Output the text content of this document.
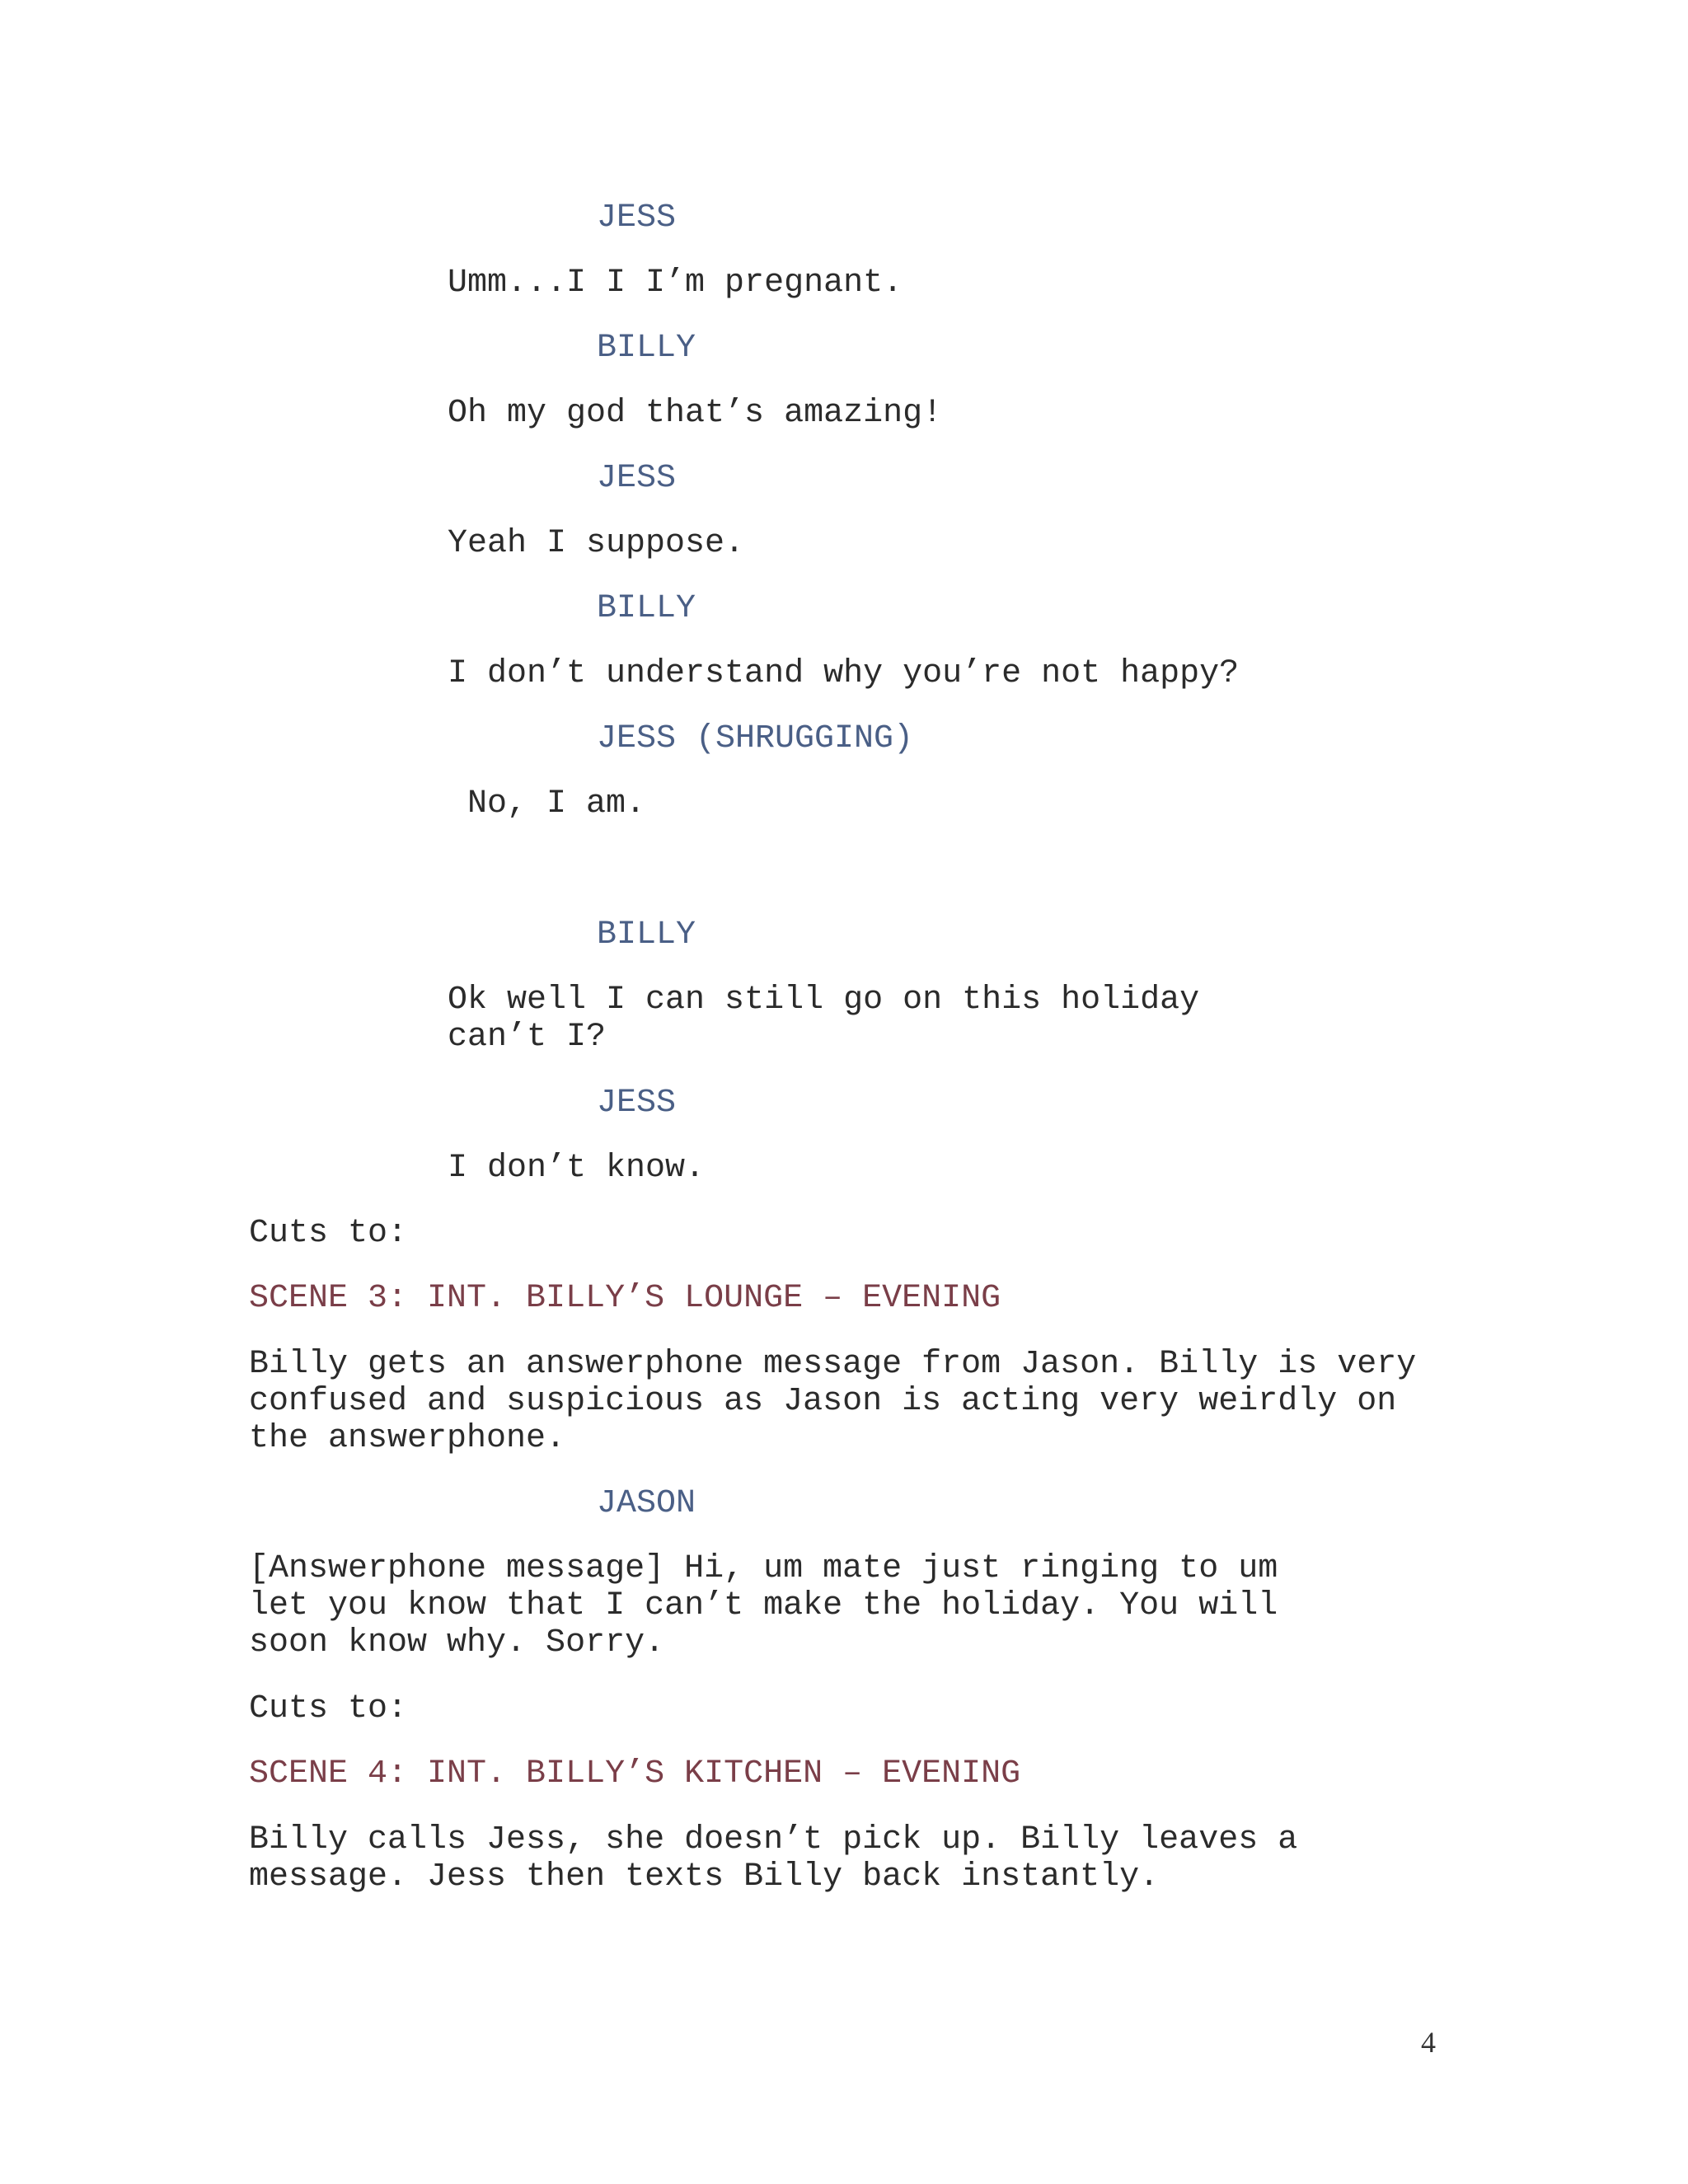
JESS

Umm...I I I’m pregnant.

BILLY

Oh my god that’s amazing!

JESS

Yeah I suppose.

BILLY

I don’t understand why you’re not happy?

JESS (SHRUGGING)

No, I am.

BILLY

Ok well I can still go on this holiday

can’t I?

JESS

I don’t know.

Cuts to:

SCENE 3: INT. BILLY’S LOUNGE – EVENING

Billy gets an answerphone message from Jason. Billy is very

confused and suspicious as Jason is acting very weirdly on

the answerphone.

JASON

[Answerphone message] Hi, um mate just ringing to um

let you know that I can’t make the holiday. You will

soon know why. Sorry.

Cuts to:

SCENE 4: INT. BILLY’S KITCHEN – EVENING

Billy calls Jess, she doesn’t pick up. Billy leaves a

message. Jess then texts Billy back instantly.

4
